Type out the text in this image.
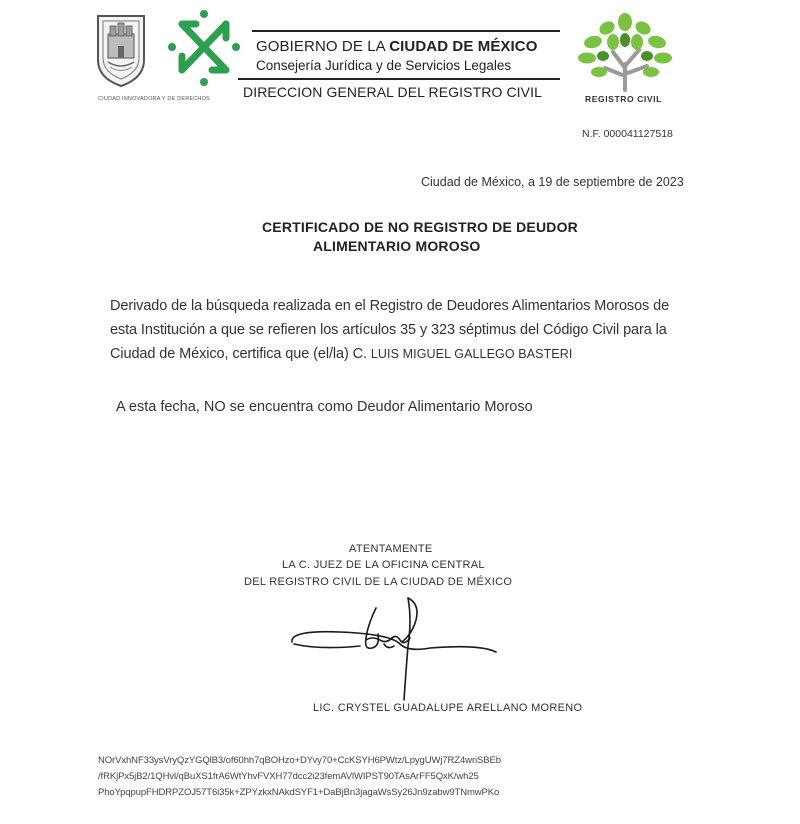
CIUDAD INNOVADORA Y DE DERECHOS
GOBIERNO DE LA CIUDAD DE MÉXICO
Consejería Jurídica y de Servicios Legales
DIRECCION GENERAL DEL REGISTRO CIVIL	REGISTRO CIVIL
N.F. 000041127518
Ciudad de México, a 19 de septiembre de 2023
CERTIFICADO DE NO REGISTRO DE DEUDOR
ALIMENTARIO MOROSO
Derivado de la búsqueda realizada en el Registro de Deudores Alimentarios Morosos de
esta Institución a que se refieren los artículos 35 y 323 séptimus del Código Civil para la
Ciudad de México, certifica que (el/la) C. LUIS MIGUEL GALLEGO BASTERI
A esta fecha, NO se encuentra como Deudor Alimentario Moroso
ATENTAMENTE
LA C. JUEZ DE LA OFICINA CENTRAL
DEL REGISTRO CIVIL DE LA CIUDAD DE MÉXICO
LIC. CRYSTEL GUADALUPE ARELLANO MORENO
NOrVxhNF33ysVryQzYGQlB3/of60hh7qBOHzo+DYvy70+CcKSYH6PWtz/LpygUWj7RZ4wriSBEb
/fRKjPx5jB2/1QHvl/qBuXS1frA6WtYhvFVXH77dcc2i23femAVlWIPST90TAsArFF5QxK/wh25
PhoYpqpupFHDRPZOJ57T6i35k+ZPYzkxNAkdSYF1+DaBjBn3jagaWsSy26Jn9zabw9TNmwPKo
